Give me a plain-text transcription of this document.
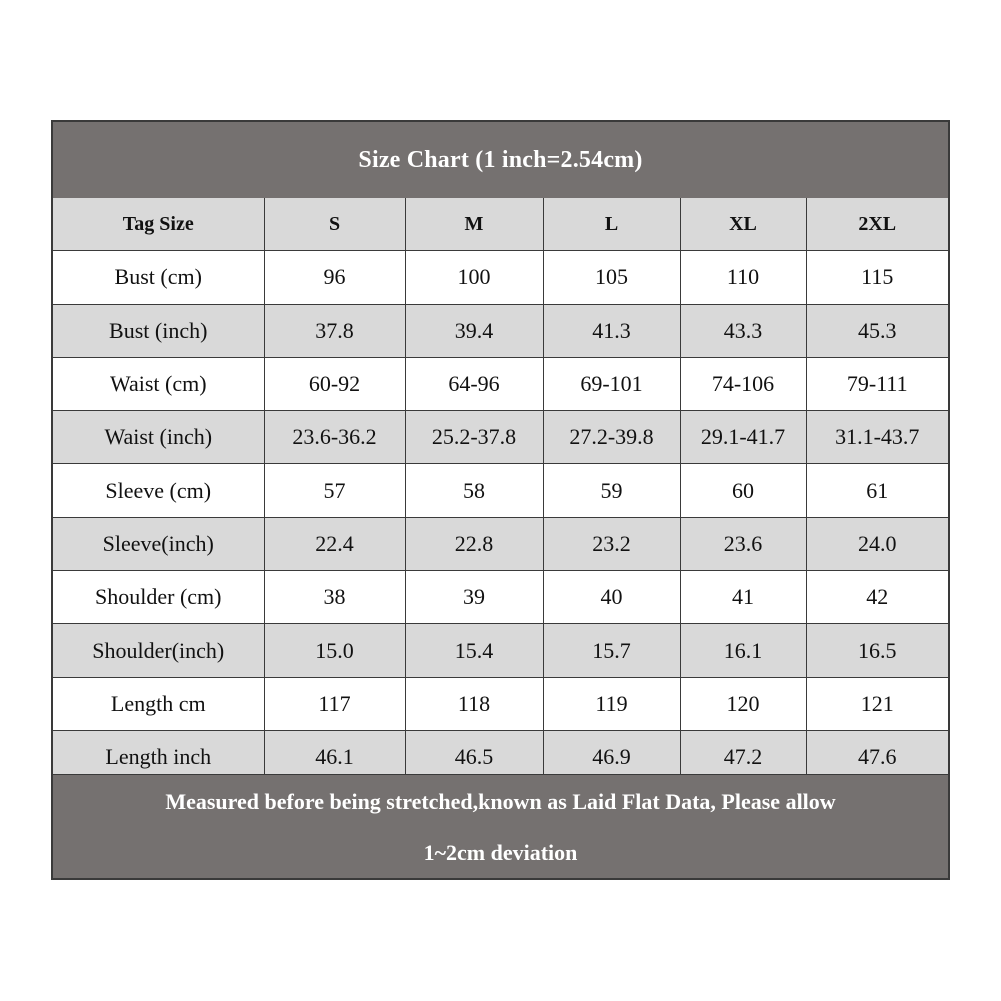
Size Chart (1 inch=2.54cm)
Tag Size	S	M	L	XL	2XL
Bust (cm)	96	100	105	110	115
Bust (inch)	37.8	39.4	41.3	43.3	45.3
Waist (cm)	60-92	64-96	69-101	74-106	79-111
Waist (inch)	23.6-36.2	25.2-37.8	27.2-39.8	29.1-41.7	31.1-43.7
Sleeve (cm)	57	58	59	60	61
Sleeve(inch)	22.4	22.8	23.2	23.6	24.0
Shoulder (cm)	38	39	40	41	42
Shoulder(inch)	15.0	15.4	15.7	16.1	16.5
Length cm	117	118	119	120	121
Length inch	46.1	46.5	46.9	47.2	47.6
Measured before being stretched,known as Laid Flat Data, Please allow
1~2cm deviation
